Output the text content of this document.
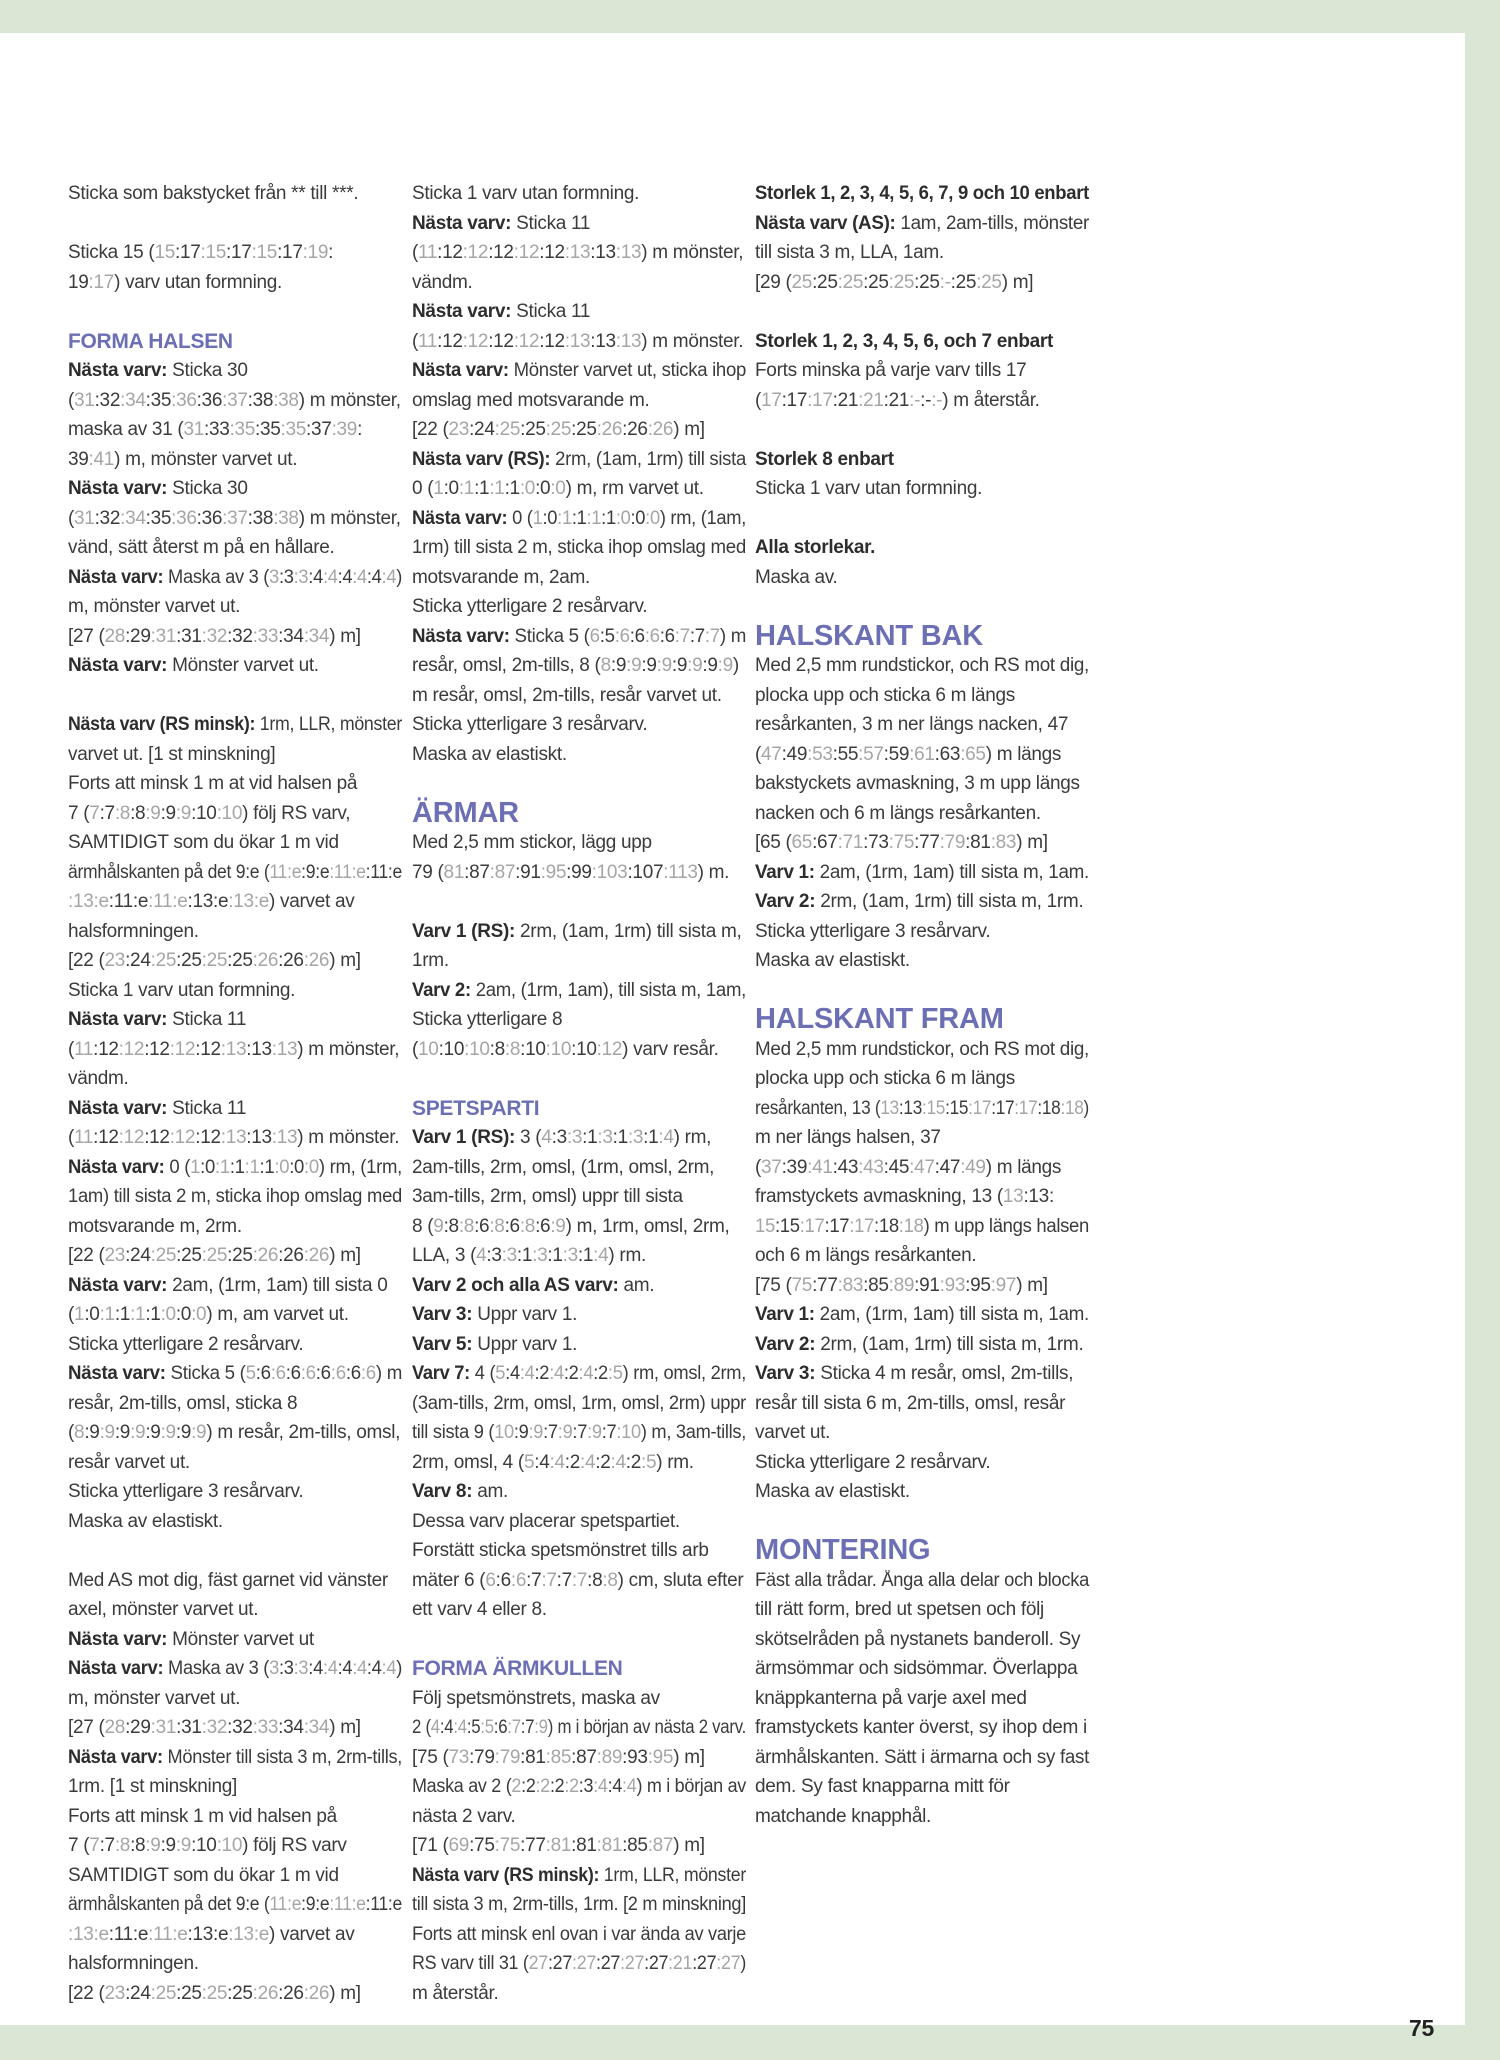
Sticka som bakstycket från ** till ***.
Sticka 15 (15:17:15:17:15:17:19:
19:17) varv utan formning.
FORMA HALSEN
Nästa varv: Sticka 30
(31:32:34:35:36:36:37:38:38) m mönster,
maska av 31 (31:33:35:35:35:37:39:
39:41) m, mönster varvet ut.
Nästa varv: Sticka 30
(31:32:34:35:36:36:37:38:38) m mönster,
vänd, sätt återst m på en hållare.
Nästa varv: Maska av 3 (3:3:3:4:4:4:4:4:4)
m, mönster varvet ut.
[27 (28:29:31:31:32:32:33:34:34) m]
Nästa varv: Mönster varvet ut.
Nästa varv (RS minsk): 1rm, LLR, mönster
varvet ut. [1 st minskning]
Forts att minsk 1 m at vid halsen på
7 (7:7:8:8:9:9:9:10:10) följ RS varv,
SAMTIDIGT som du ökar 1 m vid
ärmhålskanten på det 9:e (11:e:9:e:11:e:11:e
:13:e:11:e:11:e:13:e:13:e) varvet av
halsformningen.
[22 (23:24:25:25:25:25:26:26:26) m]
Sticka 1 varv utan formning.
Nästa varv: Sticka 11
(11:12:12:12:12:12:13:13:13) m mönster,
vändm.
Nästa varv: Sticka 11
(11:12:12:12:12:12:13:13:13) m mönster.
Nästa varv: 0 (1:0:1:1:1:1:0:0:0) rm, (1rm,
1am) till sista 2 m, sticka ihop omslag med
motsvarande m, 2rm.
[22 (23:24:25:25:25:25:26:26:26) m]
Nästa varv: 2am, (1rm, 1am) till sista 0
(1:0:1:1:1:1:0:0:0) m, am varvet ut.
Sticka ytterligare 2 resårvarv.
Nästa varv: Sticka 5 (5:6:6:6:6:6:6:6:6) m
resår, 2m-tills, omsl, sticka 8
(8:9:9:9:9:9:9:9:9) m resår, 2m-tills, omsl,
resår varvet ut.
Sticka ytterligare 3 resårvarv.
Maska av elastiskt.
Med AS mot dig, fäst garnet vid vänster
axel, mönster varvet ut.
Nästa varv: Mönster varvet ut
Nästa varv: Maska av 3 (3:3:3:4:4:4:4:4:4)
m, mönster varvet ut.
[27 (28:29:31:31:32:32:33:34:34) m]
Nästa varv: Mönster till sista 3 m, 2rm-tills,
1rm. [1 st minskning]
Forts att minsk 1 m vid halsen på
7 (7:7:8:8:9:9:9:10:10) följ RS varv
SAMTIDIGT som du ökar 1 m vid
ärmhålskanten på det 9:e (11:e:9:e:11:e:11:e
:13:e:11:e:11:e:13:e:13:e) varvet av
halsformningen.
[22 (23:24:25:25:25:25:26:26:26) m]
Sticka 1 varv utan formning.
Nästa varv: Sticka 11
(11:12:12:12:12:12:13:13:13) m mönster,
vändm.
Nästa varv: Sticka 11
(11:12:12:12:12:12:13:13:13) m mönster.
Nästa varv: Mönster varvet ut, sticka ihop
omslag med motsvarande m.
[22 (23:24:25:25:25:25:26:26:26) m]
Nästa varv (RS): 2rm, (1am, 1rm) till sista
0 (1:0:1:1:1:1:0:0:0) m, rm varvet ut.
Nästa varv: 0 (1:0:1:1:1:1:0:0:0) rm, (1am,
1rm) till sista 2 m, sticka ihop omslag med
motsvarande m, 2am.
Sticka ytterligare 2 resårvarv.
Nästa varv: Sticka 5 (6:5:6:6:6:6:7:7:7) m
resår, omsl, 2m-tills, 8 (8:9:9:9:9:9:9:9:9)
m resår, omsl, 2m-tills, resår varvet ut.
Sticka ytterligare 3 resårvarv.
Maska av elastiskt.
ÄRMAR
Med 2,5 mm stickor, lägg upp
79 (81:87:87:91:95:99:103:107:113) m.
Varv 1 (RS): 2rm, (1am, 1rm) till sista m,
1rm.
Varv 2: 2am, (1rm, 1am), till sista m, 1am,
Sticka ytterligare 8
(10:10:10:8:8:10:10:10:12) varv resår.
SPETSPARTI
Varv 1 (RS): 3 (4:3:3:1:3:1:3:1:4) rm,
2am-tills, 2rm, omsl, (1rm, omsl, 2rm,
3am-tills, 2rm, omsl) uppr till sista
8 (9:8:8:6:8:6:8:6:9) m, 1rm, omsl, 2rm,
LLA, 3 (4:3:3:1:3:1:3:1:4) rm.
Varv 2 och alla AS varv: am.
Varv 3: Uppr varv 1.
Varv 5: Uppr varv 1.
Varv 7: 4 (5:4:4:2:4:2:4:2:5) rm, omsl, 2rm,
(3am-tills, 2rm, omsl, 1rm, omsl, 2rm) uppr
till sista 9 (10:9:9:7:9:7:9:7:10) m, 3am-tills,
2rm, omsl, 4 (5:4:4:2:4:2:4:2:5) rm.
Varv 8: am.
Dessa varv placerar spetspartiet.
Forstätt sticka spetsmönstret tills arb
mäter 6 (6:6:6:7:7:7:7:8:8) cm, sluta efter
ett varv 4 eller 8.
FORMA ÄRMKULLEN
Följ spetsmönstrets, maska av
2 (4:4:4:5:5:6:7:7:9) m i början av nästa 2 varv.
[75 (73:79:79:81:85:87:89:93:95) m]
Maska av 2 (2:2:2:2:2:3:4:4:4) m i början av
nästa 2 varv.
[71 (69:75:75:77:81:81:81:85:87) m]
Nästa varv (RS minsk): 1rm, LLR, mönster
till sista 3 m, 2rm-tills, 1rm. [2 m minskning]
Forts att minsk enl ovan i var ända av varje
RS varv till 31 (27:27:27:27:27:27:21:27:27)
m återstår.
Storlek 1, 2, 3, 4, 5, 6, 7, 9 och 10 enbart
Nästa varv (AS): 1am, 2am-tills, mönster
till sista 3 m, LLA, 1am.
[29 (25:25:25:25:25:25:-:25:25) m]
Storlek 1, 2, 3, 4, 5, 6, och 7 enbart
Forts minska på varje varv tills 17
(17:17:17:21:21:21:-:-:-) m återstår.
Storlek 8 enbart
Sticka 1 varv utan formning.
Alla storlekar.
Maska av.
HALSKANT BAK
Med 2,5 mm rundstickor, och RS mot dig,
plocka upp och sticka 6 m längs
resårkanten, 3 m ner längs nacken, 47
(47:49:53:55:57:59:61:63:65) m längs
bakstyckets avmaskning, 3 m upp längs
nacken och 6 m längs resårkanten.
[65 (65:67:71:73:75:77:79:81:83) m]
Varv 1: 2am, (1rm, 1am) till sista m, 1am.
Varv 2: 2rm, (1am, 1rm) till sista m, 1rm.
Sticka ytterligare 3 resårvarv.
Maska av elastiskt.
HALSKANT FRAM
Med 2,5 mm rundstickor, och RS mot dig,
plocka upp och sticka 6 m längs
resårkanten, 13 (13:13:15:15:17:17:17:18:18)
m ner längs halsen, 37
(37:39:41:43:43:45:47:47:49) m längs
framstyckets avmaskning, 13 (13:13:
15:15:17:17:17:18:18) m upp längs halsen
och 6 m längs resårkanten.
[75 (75:77:83:85:89:91:93:95:97) m]
Varv 1: 2am, (1rm, 1am) till sista m, 1am.
Varv 2: 2rm, (1am, 1rm) till sista m, 1rm.
Varv 3: Sticka 4 m resår, omsl, 2m-tills,
resår till sista 6 m, 2m-tills, omsl, resår
varvet ut.
Sticka ytterligare 2 resårvarv.
Maska av elastiskt.
MONTERING
Fäst alla trådar. Ånga alla delar och blocka
till rätt form, bred ut spetsen och följ
skötselråden på nystanets banderoll. Sy
ärmsömmar och sidsömmar. Överlappa
knäppkanterna på varje axel med
framstyckets kanter överst, sy ihop dem i
ärmhålskanten. Sätt i ärmarna och sy fast
dem. Sy fast knapparna mitt för
matchande knapphål.
75
